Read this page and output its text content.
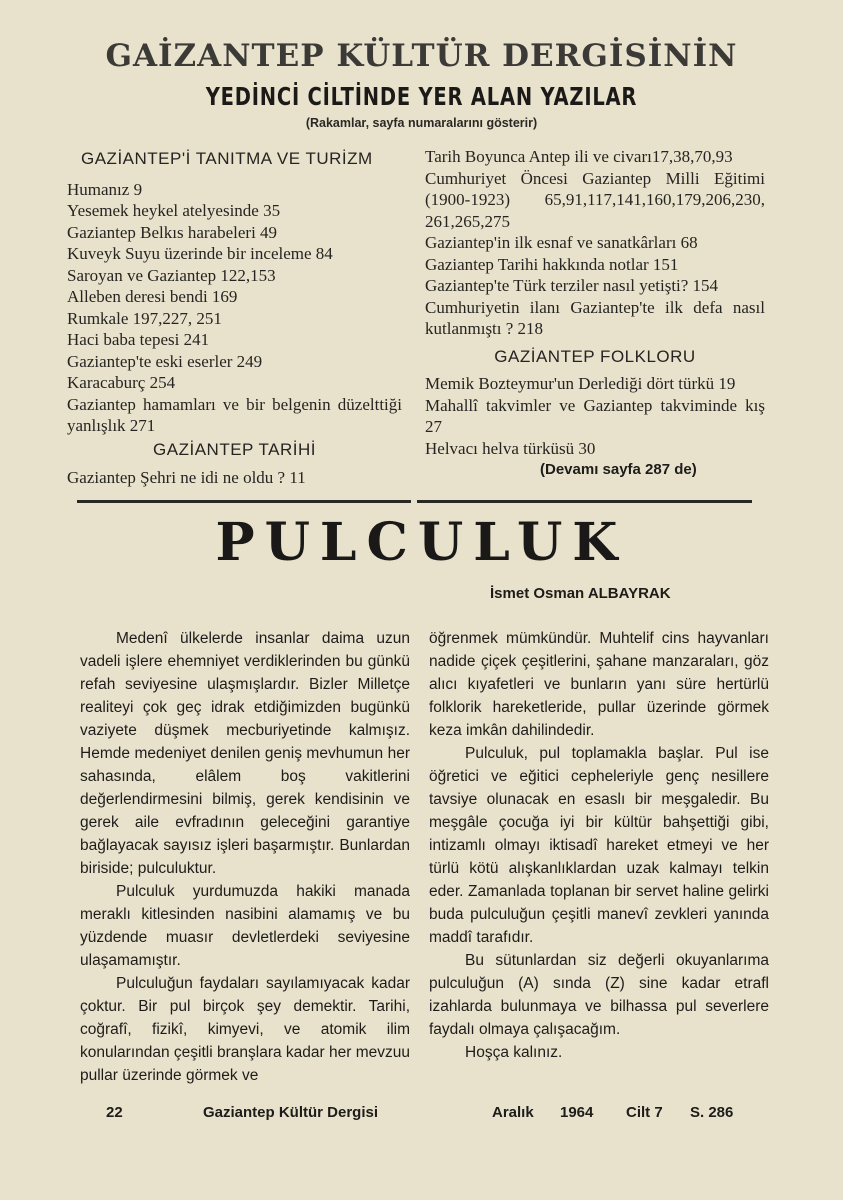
GAİZANTEP KÜLTÜR DERGİSİNİN
YEDİNCİ CİLTİNDE YER ALAN YAZILAR
(Rakamlar, sayfa numaralarını gösterir)
GAZİANTEP'İ TANITMA VE TURİZM
Humanız 9
Yesemek heykel atelyesinde 35
Gaziantep Belkıs harabeleri 49
Kuveyk Suyu üzerinde bir inceleme 84
Saroyan ve Gaziantep 122,153
Alleben deresi bendi 169
Rumkale 197,227, 251
Haci baba tepesi 241
Gaziantep'te eski eserler 249
Karacaburç 254
Gaziantep hamamları ve bir belgenin düzelttiği yanlışlık 271
GAZİANTEP TARİHİ
Gaziantep Şehri ne idi ne oldu ? 11
Tarih Boyunca Antep ili ve civarı17,38,70,93
Cumhuriyet Öncesi Gaziantep Milli Eğitimi (1900-1923) 65,91,117,141,160,179,206,230, 261,265,275
Gaziantep'in ilk esnaf ve sanatkârları 68
Gaziantep Tarihi hakkında notlar 151
Gaziantep'te Türk terziler nasıl yetişti? 154
Cumhuriyetin ilanı Gaziantep'te ilk defa nasıl kutlanmıştı ? 218
GAZİANTEP FOLKLORU
Memik Bozteymur'un Derlediği dört türkü 19
Mahallî takvimler ve Gaziantep takviminde kış 27
Helvacı helva türküsü 30
(Devamı sayfa 287 de)
PULCULUK
İsmet Osman ALBAYRAK

Medenî ülkelerde insanlar daima uzun vadeli işlere ehemniyet verdiklerinden bu günkü refah seviyesine ulaşmışlardır. Bizler Milletçe realiteyi çok geç idrak etdiğimizden bugünkü vaziyete düşmek mecburiyetinde kalmışız. Hemde medeniyet denilen geniş mevhumun her sahasında, elâlem boş vakitlerini değerlendirmesini bilmiş, gerek kendisinin ve gerek aile evfradının geleceğini garantiye bağlayacak sayısız işleri başarmıştır. Bunlardan biriside; pulculuktur.

Pulculuk yurdumuzda hakiki manada meraklı kitlesinden nasibini alamamış ve bu yüzdende muasır devletlerdeki seviyesine ulaşamamıştır.

Pulculuğun faydaları sayılamıyacak kadar çoktur. Bir pul birçok şey demektir. Tarihi, coğrafî, fizikî, kimyevi, ve atomik ilim konularından çeşitli branşlara kadar her mevzuu pullar üzerinde görmek ve

öğrenmek mümkündür. Muhtelif cins hayvanları nadide çiçek çeşitlerini, şahane manzaraları, göz alıcı kıyafetleri ve bunların yanı süre hertürlü folklorik hareketleride, pullar üzerinde görmek keza imkân dahilindedir.

Pulculuk, pul toplamakla başlar. Pul ise öğretici ve eğitici cepheleriyle genç nesillere tavsiye olunacak en esaslı bir meşgaledir. Bu meşgâle çocuğa iyi bir kültür bahşettiği gibi, intizamlı olmayı iktisadî hareket etmeyi ve her türlü kötü alışkanlıklardan uzak kalmayı telkin eder. Zamanlada toplanan bir servet haline gelirki buda pulculuğun çeşitli manevî zevkleri yanında maddî tarafıdır.

Bu sütunlardan siz değerli okuyanlarıma pulculuğun (A) sında (Z) sine kadar etrafl izahlarda bulunmaya ve bilhassa pul severlere faydalı olmaya çalışacağım.

Hoşça kalınız.

22	Gaziantep Kültür Dergisi	Aralık 1964 Cilt 7 S. 286
